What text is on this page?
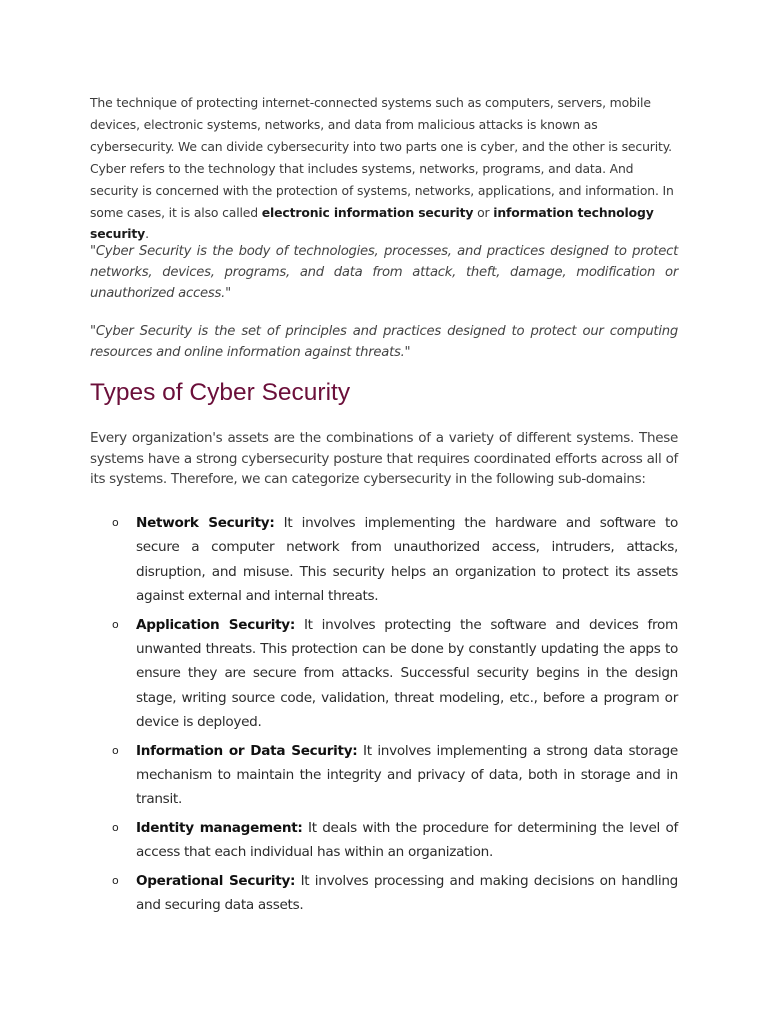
The technique of protecting internet-connected systems such as computers, servers, mobile devices, electronic systems, networks, and data from malicious attacks is known as cybersecurity. We can divide cybersecurity into two parts one is cyber, and the other is security. Cyber refers to the technology that includes systems, networks, programs, and data. And security is concerned with the protection of systems, networks, applications, and information. In some cases, it is also called electronic information security or information technology security.

"Cyber Security is the body of technologies, processes, and practices designed to protect networks, devices, programs, and data from attack, theft, damage, modification or unauthorized access."

"Cyber Security is the set of principles and practices designed to protect our computing resources and online information against threats."

Types of Cyber Security

Every organization's assets are the combinations of a variety of different systems. These systems have a strong cybersecurity posture that requires coordinated efforts across all of its systems. Therefore, we can categorize cybersecurity in the following sub-domains:

o Network Security: It involves implementing the hardware and software to secure a computer network from unauthorized access, intruders, attacks, disruption, and misuse. This security helps an organization to protect its assets against external and internal threats.
o Application Security: It involves protecting the software and devices from unwanted threats. This protection can be done by constantly updating the apps to ensure they are secure from attacks. Successful security begins in the design stage, writing source code, validation, threat modeling, etc., before a program or device is deployed.
o Information or Data Security: It involves implementing a strong data storage mechanism to maintain the integrity and privacy of data, both in storage and in transit.
o Identity management: It deals with the procedure for determining the level of access that each individual has within an organization.
o Operational Security: It involves processing and making decisions on handling and securing data assets.
